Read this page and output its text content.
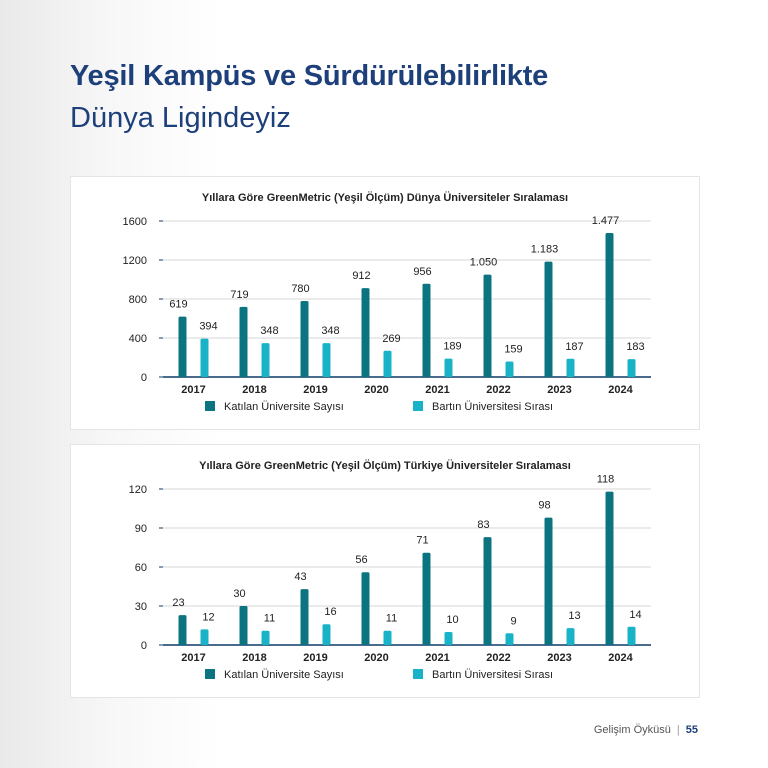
Yeşil Kampüs ve Sürdürülebilirlikte
Dünya Ligindeyiz
Yıllara Göre GreenMetric (Yeşil Ölçüm) Dünya Üniversiteler Sıralaması
0
400
800
1200
1600
619
394
2017
719
348
2018
780
348
2019
912
269
2020
956
189
2021
1.050
159
2022
1.183
187
2023
1.477
183
2024
Katılan Üniversite Sayısı	Bartın Üniversitesi Sırası
Yıllara Göre GreenMetric (Yeşil Ölçüm) Türkiye Üniversiteler Sıralaması
0
30
60
90
120
23
12
2017
30
11
2018
43
16
2019
56
11
2020
71
10
2021
83
9
2022
98
13
2023
118
14
2024
Katılan Üniversite Sayısı	Bartın Üniversitesi Sırası
Gelişim Öyküsü | 55
